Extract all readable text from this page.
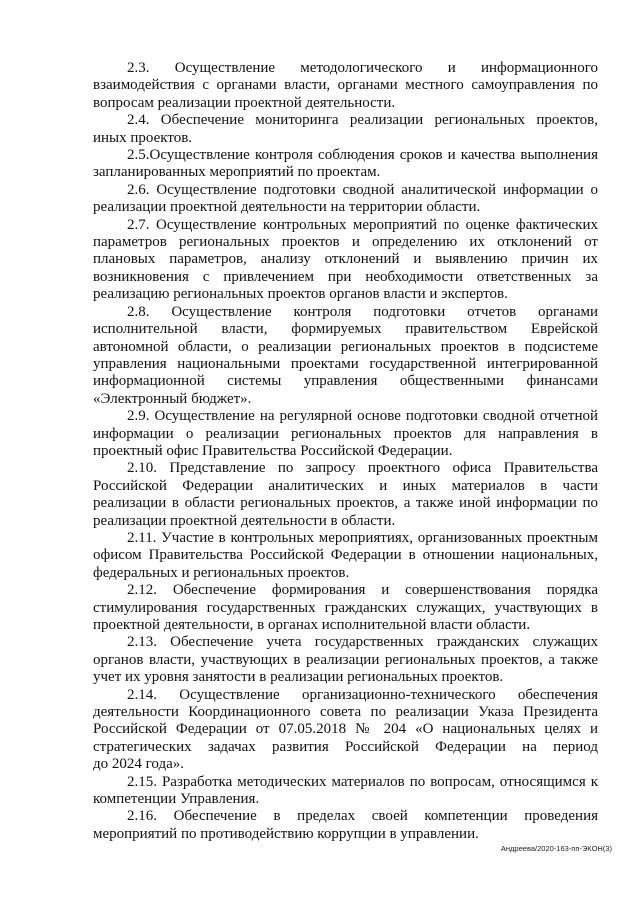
2.3. Осуществление методологического и информационного
взаимодействия с органами власти, органами местного самоуправления по
вопросам реализации проектной деятельности.
2.4. Обеспечение мониторинга реализации региональных проектов,
иных проектов.
2.5.Осуществление контроля соблюдения сроков и качества выполнения
запланированных мероприятий по проектам.
2.6. Осуществление подготовки сводной аналитической информации о
реализации проектной деятельности на территории области.
2.7. Осуществление контрольных мероприятий по оценке фактических
параметров региональных проектов и определению их отклонений от
плановых параметров, анализу отклонений и выявлению причин их
возникновения с привлечением при необходимости ответственных за
реализацию региональных проектов органов власти и экспертов.
2.8. Осуществление контроля подготовки отчетов органами
исполнительной власти, формируемых правительством Еврейской
автономной области, о реализации региональных проектов в подсистеме
управления национальными проектами государственной интегрированной
информационной системы управления общественными финансами
«Электронный бюджет».
2.9. Осуществление на регулярной основе подготовки сводной отчетной
информации о реализации региональных проектов для направления в
проектный офис Правительства Российской Федерации.
2.10. Представление по запросу проектного офиса Правительства
Российской Федерации аналитических и иных материалов в части
реализации в области региональных проектов, а также иной информации по
реализации проектной деятельности в области.
2.11. Участие в контрольных мероприятиях, организованных проектным
офисом Правительства Российской Федерации в отношении национальных,
федеральных и региональных проектов.
2.12. Обеспечение формирования и совершенствования порядка
стимулирования государственных гражданских служащих, участвующих в
проектной деятельности, в органах исполнительной власти области.
2.13. Обеспечение учета государственных гражданских служащих
органов власти, участвующих в реализации региональных проектов, а также
учет их уровня занятости в реализации региональных проектов.
2.14. Осуществление организационно-технического обеспечения
деятельности Координационного совета по реализации Указа Президента
Российской Федерации от 07.05.2018 № 204 «О национальных целях и
стратегических задачах развития Российской Федерации на период
до 2024 года».
2.15. Разработка методических материалов по вопросам, относящимся к
компетенции Управления.
2.16. Обеспечение в пределах своей компетенции проведения
мероприятий по противодействию коррупции в управлении.
Андреева/2020-163-пп-ЭКОН(3)
